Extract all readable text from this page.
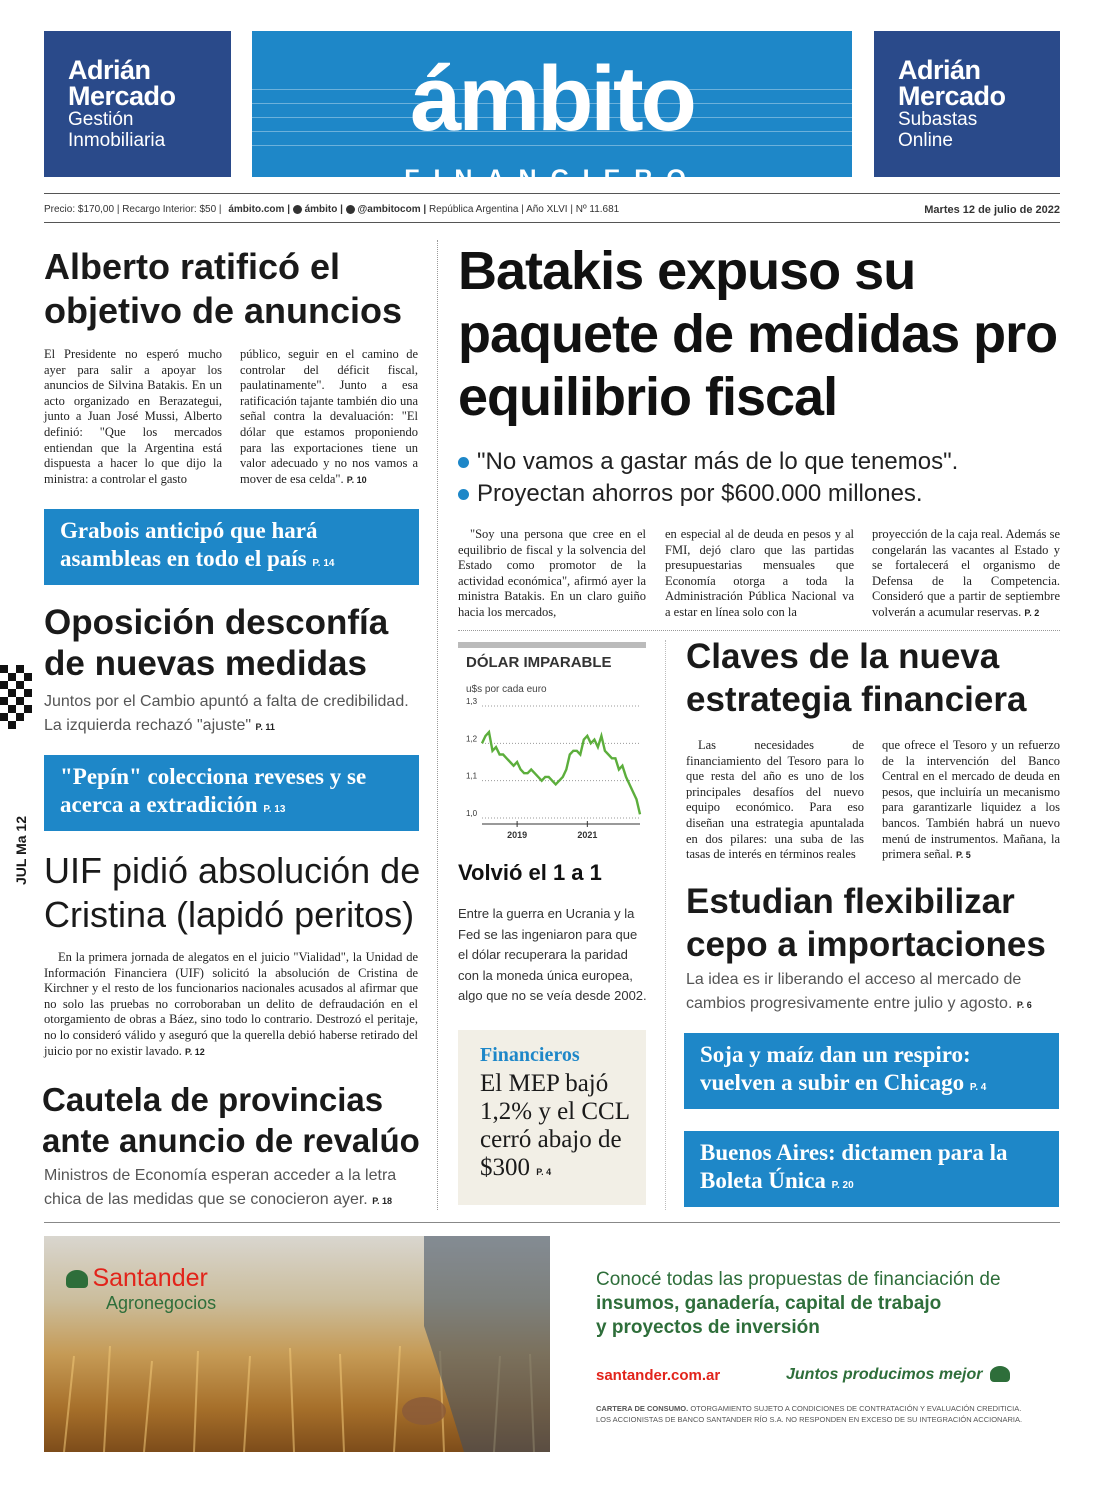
Adrián
Mercado
Gestión
Inmobiliaria	ámbito
FINANCIERO
Adrián
Mercado
Subastas
Online
Precio: $170,00 | Recargo Interior: $50 | ámbito.com | ámbito | @ambitocom | República Argentina | Año XLVI | Nº 11.681	Martes 12 de julio de 2022
Alberto ratificó el objetivo de anuncios
El Presidente no esperó mucho ayer para salir a apoyar los anuncios de Silvina Batakis. En un acto organizado en Berazategui, junto a Juan José Mussi, Alberto definió: "Que los mercados entiendan que la Argentina está dispuesta a hacer lo que dijo la ministra: a controlar el gasto
público, seguir en el camino de controlar del déficit fiscal, paulatinamente". Junto a esa ratificación tajante también dio una señal contra la devaluación: "El dólar que estamos proponiendo para las exportaciones tiene un valor adecuado y no nos vamos a mover de esa celda". P. 10
Grabois anticipó que hará asambleas en todo el país P. 14
Oposición desconfía de nuevas medidas
Juntos por el Cambio apuntó a falta de credibilidad. La izquierda rechazó "ajuste" P. 11
"Pepín" colecciona reveses y se acerca a extradición P. 13
JUL Ma 12 UIF pidió absolución de Cristina (lapidó peritos)
En la primera jornada de alegatos en el juicio "Vialidad", la Unidad de Información Financiera (UIF) solicitó la absolución de Cristina de Kirchner y el resto de los funcionarios nacionales acusados al afirmar que no solo las pruebas no corroboraban un delito de defraudación en el otorgamiento de obras a Báez, sino todo lo contrario. Destrozó el peritaje, no lo consideró válido y aseguró que la querella debió haberse retirado del juicio por no existir lavado. P. 12
Cautela de provincias ante anuncio de revalúo
Ministros de Economía esperan acceder a la letra chica de las medidas que se conocieron ayer. P. 18
Batakis expuso su paquete de medidas pro equilibrio fiscal
"No vamos a gastar más de lo que tenemos".
Proyectan ahorros por $600.000 millones.
"Soy una persona que cree en el equilibrio de fiscal y la solvencia del Estado como promotor de la actividad económica", afirmó ayer la ministra Batakis. En un claro guiño hacia los mercados,
en especial al de deuda en pesos y al FMI, dejó claro que las partidas presupuestarias mensuales que Economía otorga a toda la Administración Pública Nacional va a estar en línea solo con la
proyección de la caja real. Además se congelarán las vacantes al Estado y se fortalecerá el organismo de Defensa de la Competencia. Consideró que a partir de septiembre volverán a acumular reservas. P. 2
DÓLAR IMPARABLE
u$s por cada euro
1,3
1,2
1,1
1,0
2019	2021
Volvió el 1 a 1
Entre la guerra en Ucrania y la Fed se las ingeniaron para que el dólar recuperara la paridad con la moneda única europea, algo que no se veía desde 2002.
Financieros
El MEP bajó 1,2% y el CCL cerró abajo de $300 P. 4
Claves de la nueva estrategia financiera
Las necesidades de financiamiento del Tesoro para lo que resta del año es uno de los principales desafíos del nuevo equipo económico. Para eso diseñan una estrategia apuntalada en dos pilares: una suba de las tasas de interés en términos reales
que ofrece el Tesoro y un refuerzo de la intervención del Banco Central en el mercado de deuda en pesos, que incluiría un mecanismo para garantizarle liquidez a los bancos. También habrá un nuevo menú de instrumentos. Mañana, la primera señal. P. 5
Estudian flexibilizar cepo a importaciones
La idea es ir liberando el acceso al mercado de cambios progresivamente entre julio y agosto. P. 6
Soja y maíz dan un respiro: vuelven a subir en Chicago P. 4
Buenos Aires: dictamen para la Boleta Única P. 20
Santander
Agronegocios
Conocé todas las propuestas de financiación de
insumos, ganadería, capital de trabajo
y proyectos de inversión
santander.com.ar	Juntos producimos mejor
CARTERA DE CONSUMO. OTORGAMIENTO SUJETO A CONDICIONES DE CONTRATACIÓN Y EVALUACIÓN CREDITICIA.
LOS ACCIONISTAS DE BANCO SANTANDER RÍO S.A. NO RESPONDEN EN EXCESO DE SU INTEGRACIÓN ACCIONARIA.
